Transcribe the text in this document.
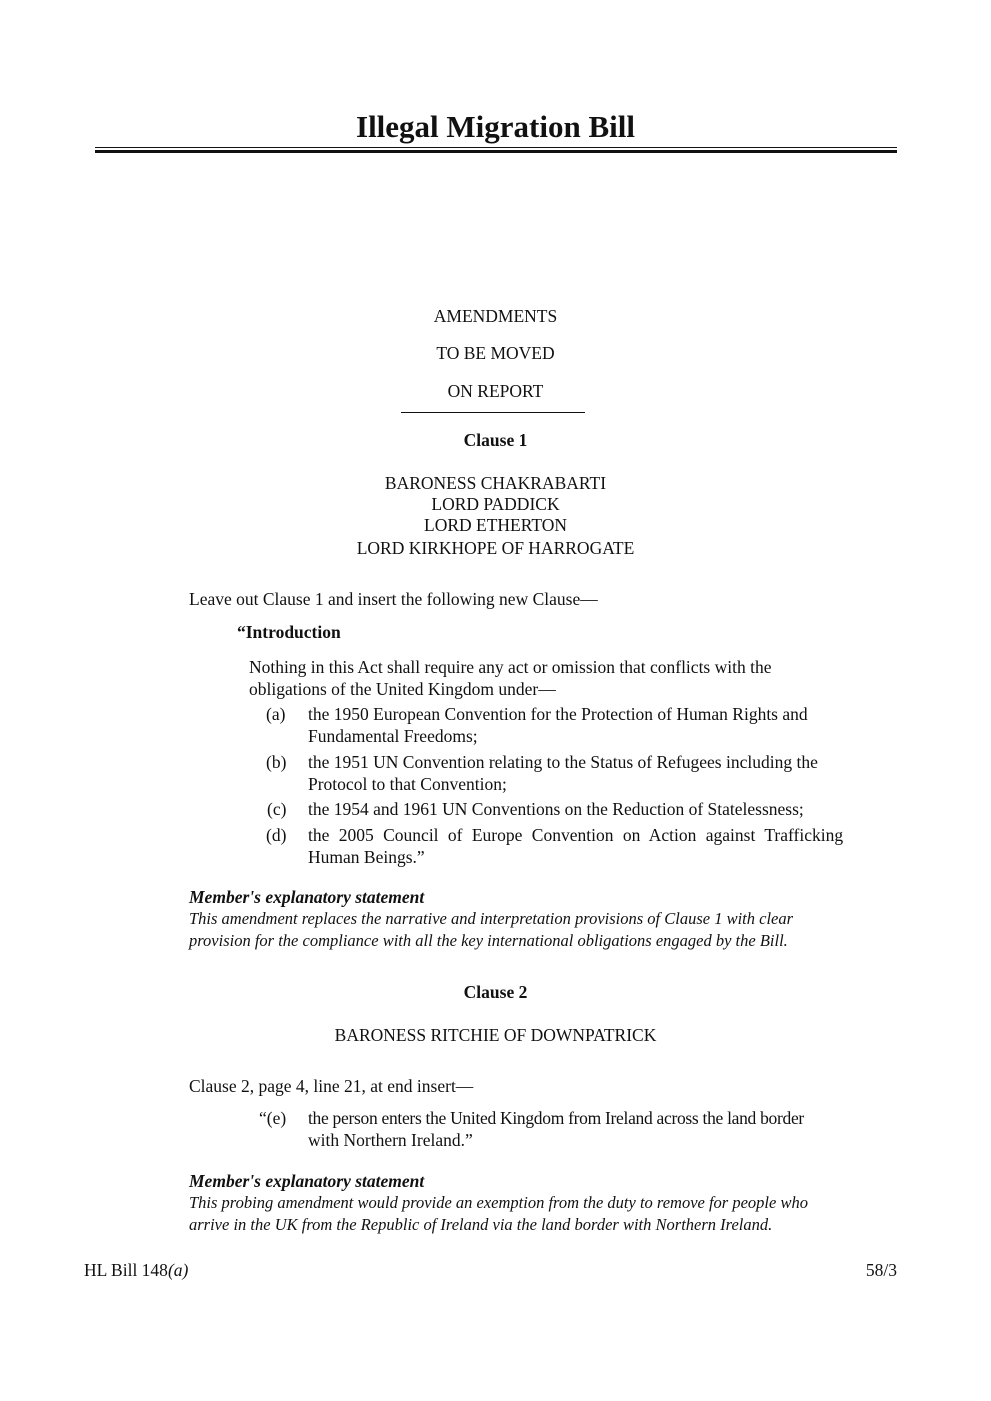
Illegal Migration Bill
AMENDMENTS
TO BE MOVED
ON REPORT
Clause 1
BARONESS CHAKRABARTI
LORD PADDICK
LORD ETHERTON
LORD KIRKHOPE OF HARROGATE
Leave out Clause 1 and insert the following new Clause—
“Introduction
Nothing in this Act shall require any act or omission that conflicts with the
obligations of the United Kingdom under—
(a) the 1950 European Convention for the Protection of Human Rights and
Fundamental Freedoms;
(b) the 1951 UN Convention relating to the Status of Refugees including the
Protocol to that Convention;
(c) the 1954 and 1961 UN Conventions on the Reduction of Statelessness;
(d) the 2005 Council of Europe Convention on Action against Trafficking
Human Beings.”
Member's explanatory statement
This amendment replaces the narrative and interpretation provisions of Clause 1 with clear
provision for the compliance with all the key international obligations engaged by the Bill.
Clause 2
BARONESS RITCHIE OF DOWNPATRICK
Clause 2, page 4, line 21, at end insert—
“(e) the person enters the United Kingdom from Ireland across the land border
with Northern Ireland.”
Member's explanatory statement
This probing amendment would provide an exemption from the duty to remove for people who
arrive in the UK from the Republic of Ireland via the land border with Northern Ireland.
HL Bill 148(a)	58/3
